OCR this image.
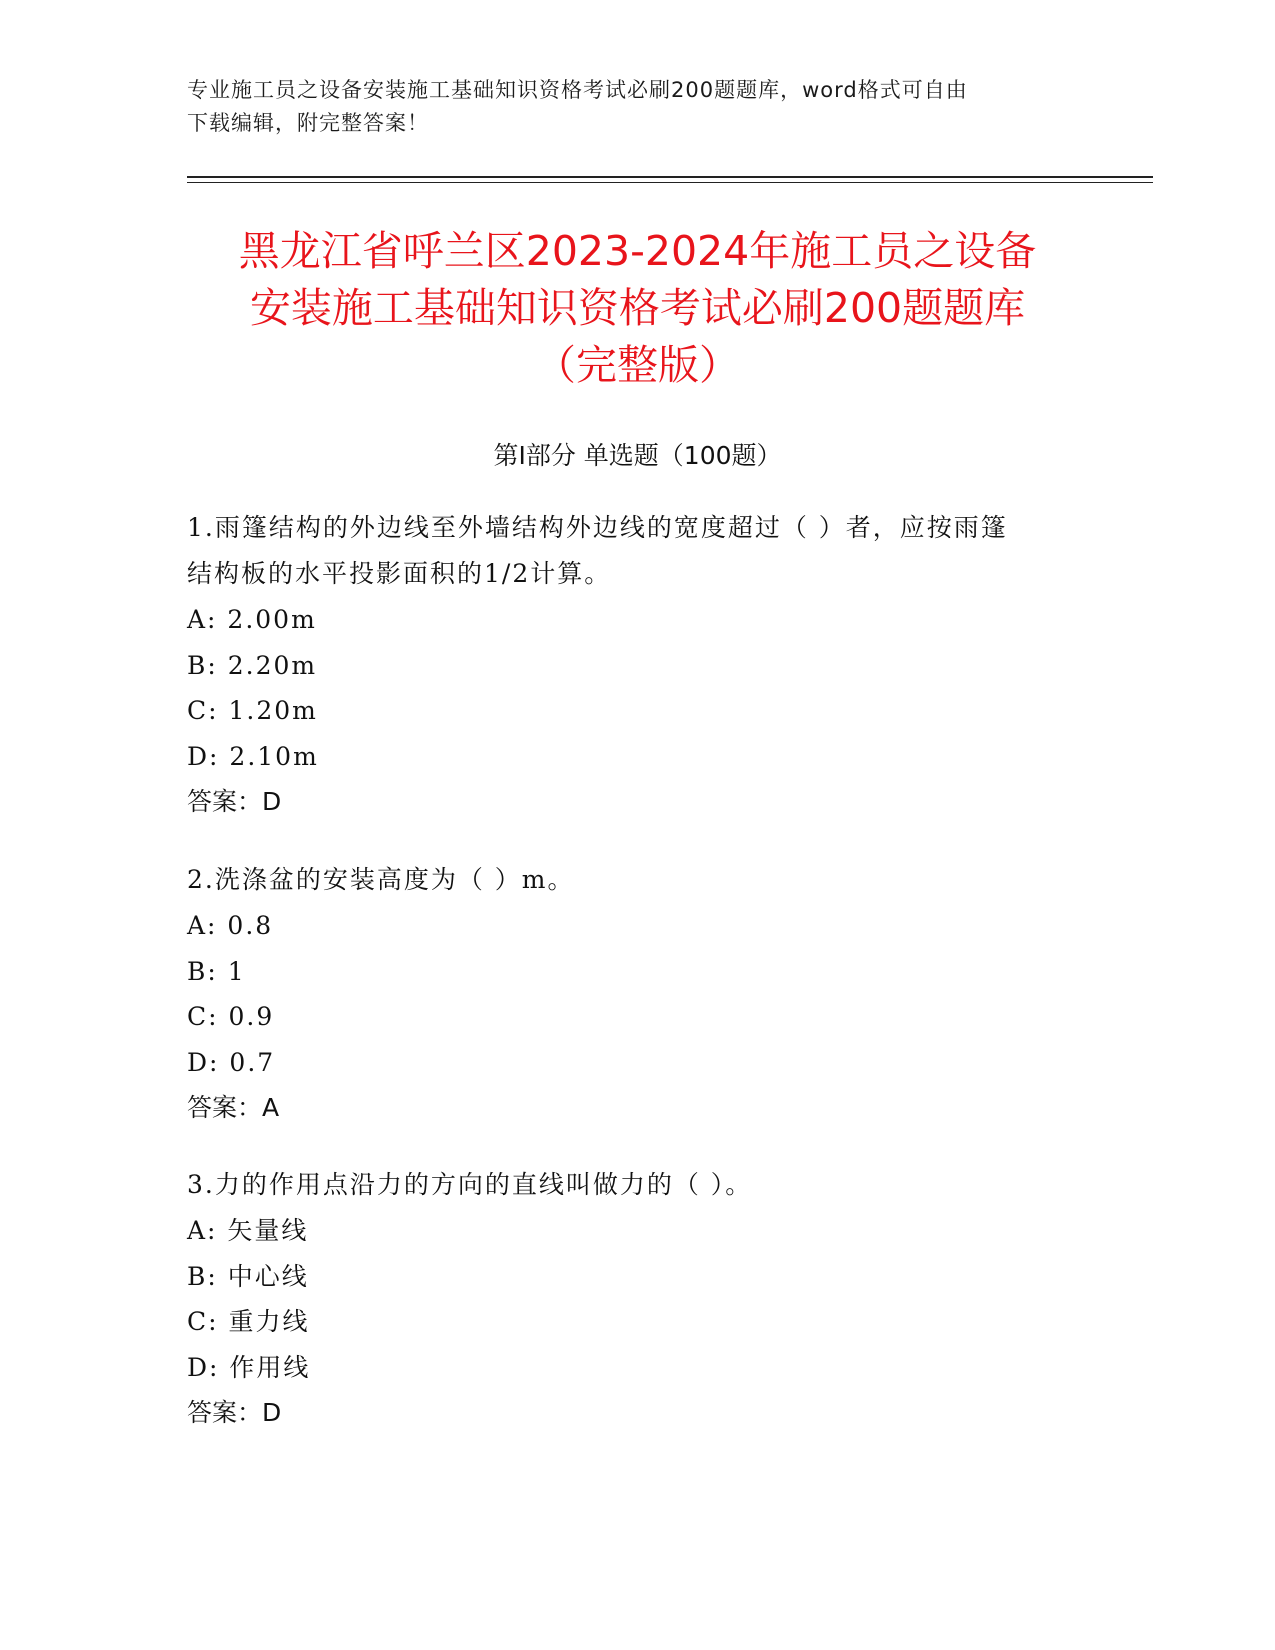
专业施工员之设备安装施工基础知识资格考试必刷200题题库，word格式可自由
下载编辑，附完整答案！
黑龙江省呼兰区2023-2024年施工员之设备
安装施工基础知识资格考试必刷200题题库
（完整版）
第Ⅰ部分 单选题（100题）

1.雨篷结构的外边线至外墙结构外边线的宽度超过（ ）者，应按雨篷

结构板的水平投影面积的1/2计算。

A: 2.00m

B: 2.20m

C: 1.20m

D: 2.10m

答案：D

2.洗涤盆的安装高度为（ ）m。

A: 0.8

B: 1

C: 0.9

D: 0.7

答案：A

3.力的作用点沿力的方向的直线叫做力的（ ）。

A: 矢量线

B: 中心线

C: 重力线

D: 作用线

答案：D
